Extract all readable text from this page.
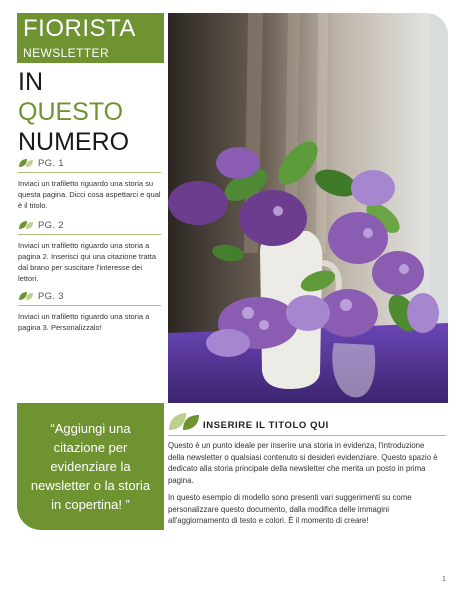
FIORISTA
NEWSLETTER
IN
QUESTO
NUMERO
PG. 1
Inviaci un trafiletto riguardo una storia su questa pagina. Dicci cosa aspettarci e qual è il titolo.
PG. 2
Inviaci un trafiletto riguardo una storia a pagina 2. Inserisci qui una citazione tratta dal brano per suscitare l'interesse dei lettori.
PG. 3
Inviaci un trafiletto riguardo una storia a pagina 3. Personalizzalo!
“Aggiungi una citazione per evidenziare la newsletter o la storia in copertina! ”
INSERIRE IL TITOLO QUI

Questo è un punto ideale per inserire una storia in evidenza, l'introduzione della newsletter o qualsiasi contenuto si desideri evidenziare. Questo spazio è dedicato alla storia principale della newsletter che merita un posto in prima pagina.

In questo esempio di modello sono presenti vari suggerimenti su come personalizzare questo documento, dalla modifica delle immagini all'aggiornamento di testo e colori. È il momento di creare!

1
